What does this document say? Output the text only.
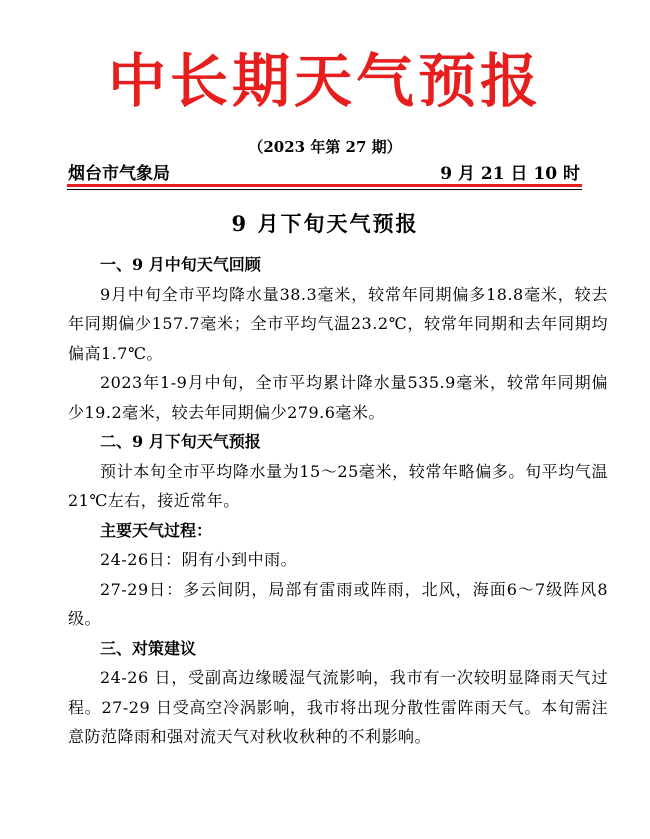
中长期天气预报
（2023 年第 27 期）
烟台市气象局	9 月 21 日 10 时
9 月下旬天气预报
一、9 月中旬天气回顾

9月中旬全市平均降水量38.3毫米，较常年同期偏多18.8毫米，较去年同期偏少157.7毫米；全市平均气温23.2℃，较常年同期和去年同期均偏高1.7℃。

2023年1-9月中旬，全市平均累计降水量535.9毫米，较常年同期偏少19.2毫米，较去年同期偏少279.6毫米。

二、9 月下旬天气预报

预计本旬全市平均降水量为15～25毫米，较常年略偏多。旬平均气温21℃左右，接近常年。

主要天气过程：

24-26日：阴有小到中雨。

27-29日：多云间阴，局部有雷雨或阵雨，北风，海面6～7级阵风8级。

三、对策建议

24-26 日，受副高边缘暖湿气流影响，我市有一次较明显降雨天气过程。27-29 日受高空冷涡影响，我市将出现分散性雷阵雨天气。本旬需注意防范降雨和强对流天气对秋收秋种的不利影响。
